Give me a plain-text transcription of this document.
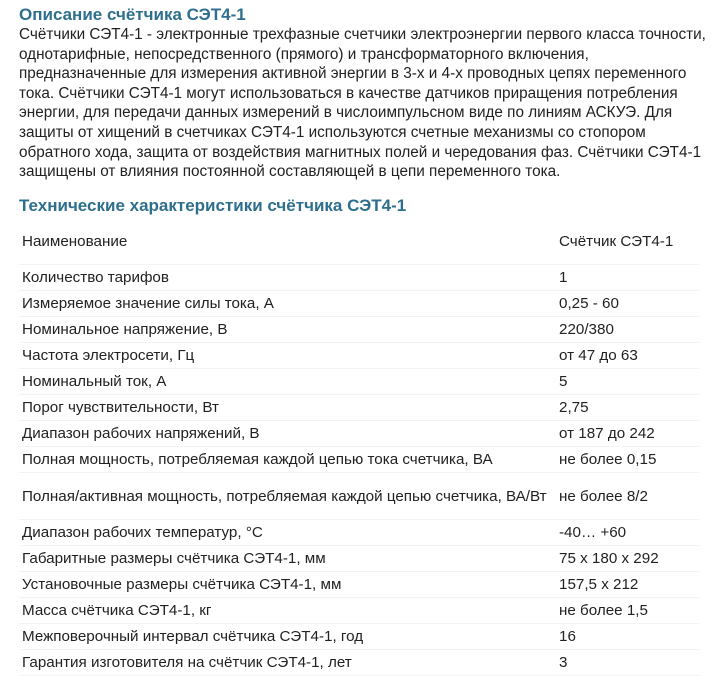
Описание счётчика СЭТ4-1
Счётчики СЭТ4-1 - электронные трехфазные счетчики электроэнергии первого класса точности, однотарифные, непосредственного (прямого) и трансформаторного включения, предназначенные для измерения активной энергии в 3-х и 4-х проводных цепях переменного тока. Счётчики СЭТ4-1 могут использоваться в качестве датчиков приращения потребления энергии, для передачи данных измерений в числоимпульсном виде по линиям АСКУЭ. Для защиты от хищений в счетчиках СЭТ4-1 используются счетные механизмы со стопором обратного хода, защита от воздействия магнитных полей и чередования фаз. Счётчики СЭТ4-1 защищены от влияния постоянной составляющей в цепи переменного тока.
Технические характеристики счётчика СЭТ4-1
Наименование	Счётчик СЭТ4-1
Количество тарифов	1
Измеряемое значение силы тока, А	0,25 - 60
Номинальное напряжение, В	220/380
Частота электросети, Гц	от 47 до 63
Номинальный ток, А	5
Порог чувствительности, Вт	2,75
Диапазон рабочих напряжений, В	от 187 до 242
Полная мощность, потребляемая каждой цепью тока счетчика, ВА	не более 0,15
Полная/активная мощность, потребляемая каждой цепью счетчика, ВА/Вт не более 8/2
Диапазон рабочих температур, °С	-40… +60
Габаритные размеры счётчика СЭТ4-1, мм	75 х 180 х 292
Установочные размеры счётчика СЭТ4-1, мм	157,5 х 212
Масса счётчика СЭТ4-1, кг	не более 1,5
Межповерочный интервал счётчика СЭТ4-1, год	16
Гарантия изготовителя на счётчик СЭТ4-1, лет	3
